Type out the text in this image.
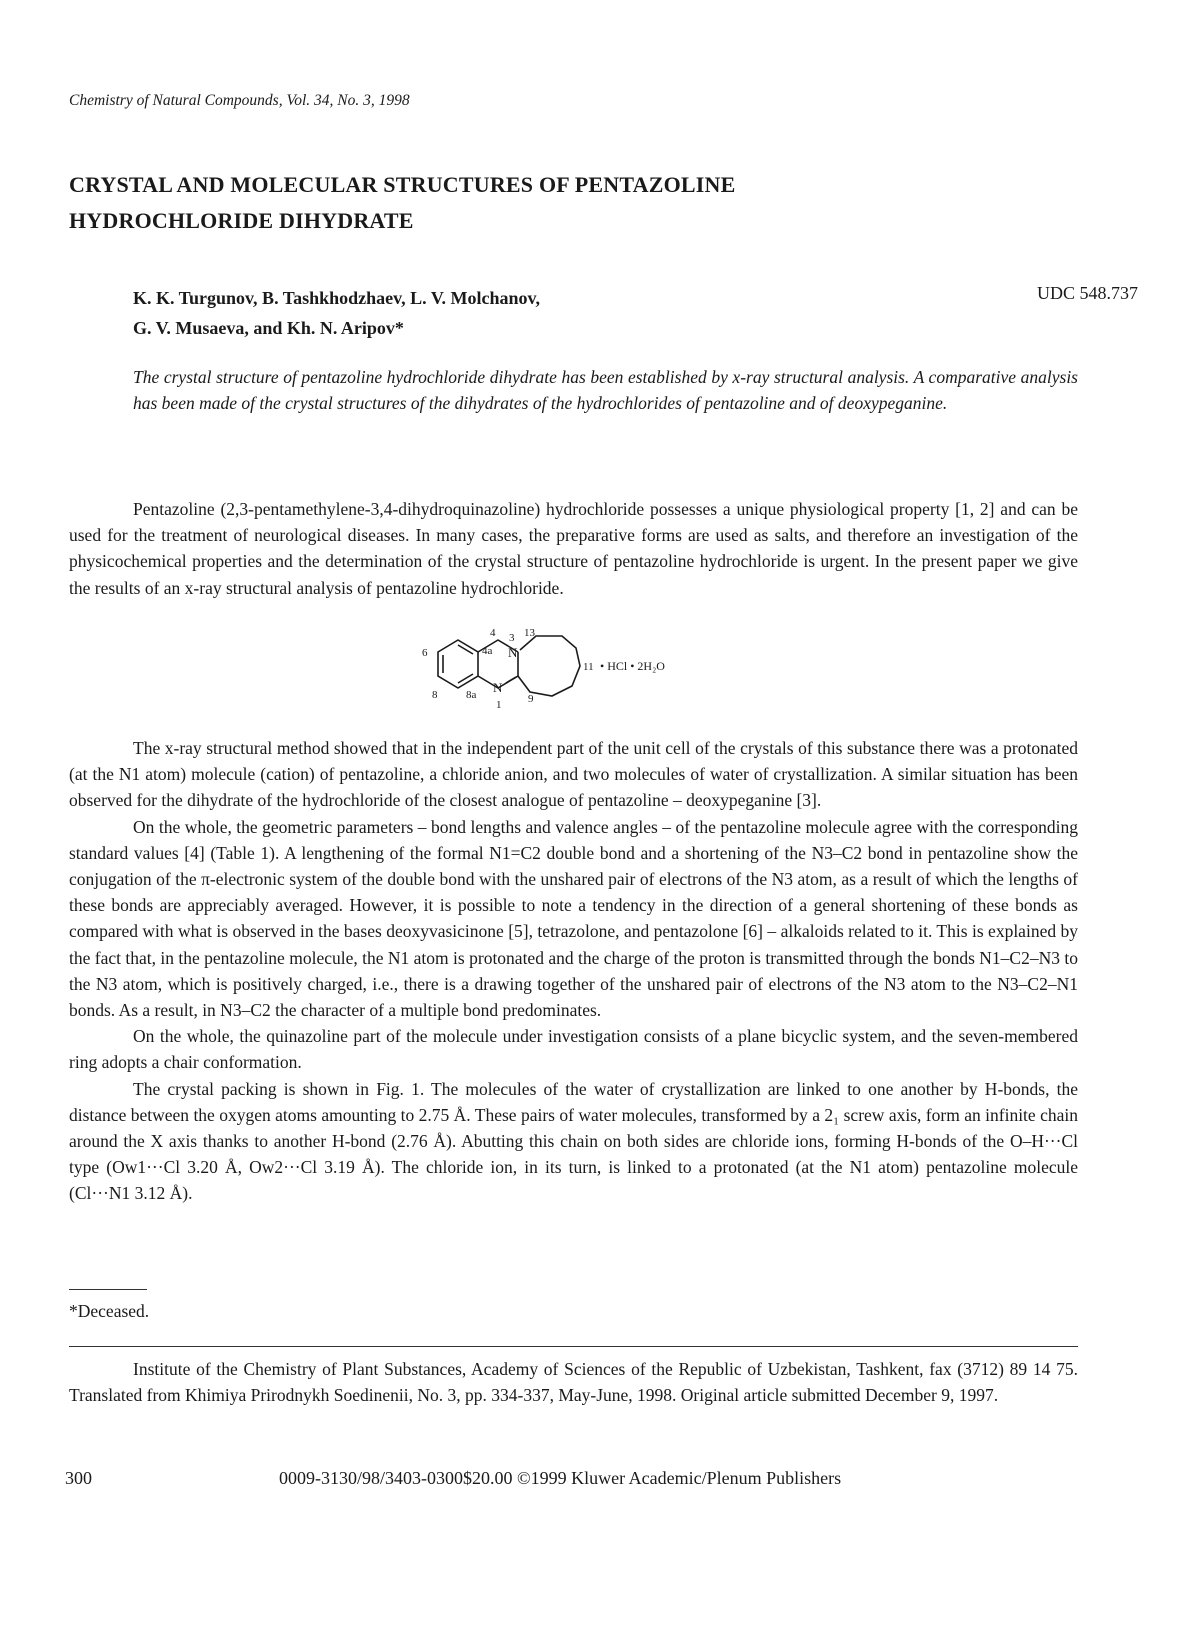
Chemistry of Natural Compounds, Vol. 34, No. 3, 1998
CRYSTAL AND MOLECULAR STRUCTURES OF PENTAZOLINE
HYDROCHLORIDE DIHYDRATE
K. K. Turgunov, B. Tashkhodzhaev, L. V. Molchanov,
G. V. Musaeva, and Kh. N. Aripov*
UDC 548.737
The crystal structure of pentazoline hydrochloride dihydrate has been established by x-ray structural analysis. A comparative analysis has been made of the crystal structures of the dihydrates of the hydrochlorides of pentazoline and of deoxypeganine.

Pentazoline (2,3-pentamethylene-3,4-dihydroquinazoline) hydrochloride possesses a unique physiological property [1, 2] and can be used for the treatment of neurological diseases. In many cases, the preparative forms are used as salts, and therefore an investigation of the physicochemical properties and the determination of the crystal structure of pentazoline hydrochloride is urgent. In the present paper we give the results of an x-ray structural analysis of pentazoline hydrochloride.

4 3 13
6	4a N
11
8	8a N
1 9
• HCl • 2H₂O

The x-ray structural method showed that in the independent part of the unit cell of the crystals of this substance there was a protonated (at the N1 atom) molecule (cation) of pentazoline, a chloride anion, and two molecules of water of crystallization. A similar situation has been observed for the dihydrate of the hydrochloride of the closest analogue of pentazoline – deoxypeganine [3].

On the whole, the geometric parameters – bond lengths and valence angles – of the pentazoline molecule agree with the corresponding standard values [4] (Table 1). A lengthening of the formal N1=C2 double bond and a shortening of the N3–C2 bond in pentazoline show the conjugation of the π-electronic system of the double bond with the unshared pair of electrons of the N3 atom, as a result of which the lengths of these bonds are appreciably averaged. However, it is possible to note a tendency in the direction of a general shortening of these bonds as compared with what is observed in the bases deoxyvasicinone [5], tetrazolone, and pentazolone [6] – alkaloids related to it. This is explained by the fact that, in the pentazoline molecule, the N1 atom is protonated and the charge of the proton is transmitted through the bonds N1–C2–N3 to the N3 atom, which is positively charged, i.e., there is a drawing together of the unshared pair of electrons of the N3 atom to the N3–C2–N1 bonds. As a result, in N3–C2 the character of a multiple bond predominates.

On the whole, the quinazoline part of the molecule under investigation consists of a plane bicyclic system, and the seven-membered ring adopts a chair conformation.

The crystal packing is shown in Fig. 1. The molecules of the water of crystallization are linked to one another by H-bonds, the distance between the oxygen atoms amounting to 2.75 Å. These pairs of water molecules, transformed by a 2₁ screw axis, form an infinite chain around the X axis thanks to another H-bond (2.76 Å). Abutting this chain on both sides are chloride ions, forming H-bonds of the O–H···Cl type (Ow1···Cl 3.20 Å, Ow2···Cl 3.19 Å). The chloride ion, in its turn, is linked to a protonated (at the N1 atom) pentazoline molecule (Cl···N1 3.12 Å).

*Deceased.

Institute of the Chemistry of Plant Substances, Academy of Sciences of the Republic of Uzbekistan, Tashkent, fax (3712) 89 14 75. Translated from Khimiya Prirodnykh Soedinenii, No. 3, pp. 334-337, May-June, 1998. Original article submitted December 9, 1997.

300	0009-3130/98/3403-0300$20.00 ©1999 Kluwer Academic/Plenum Publishers
